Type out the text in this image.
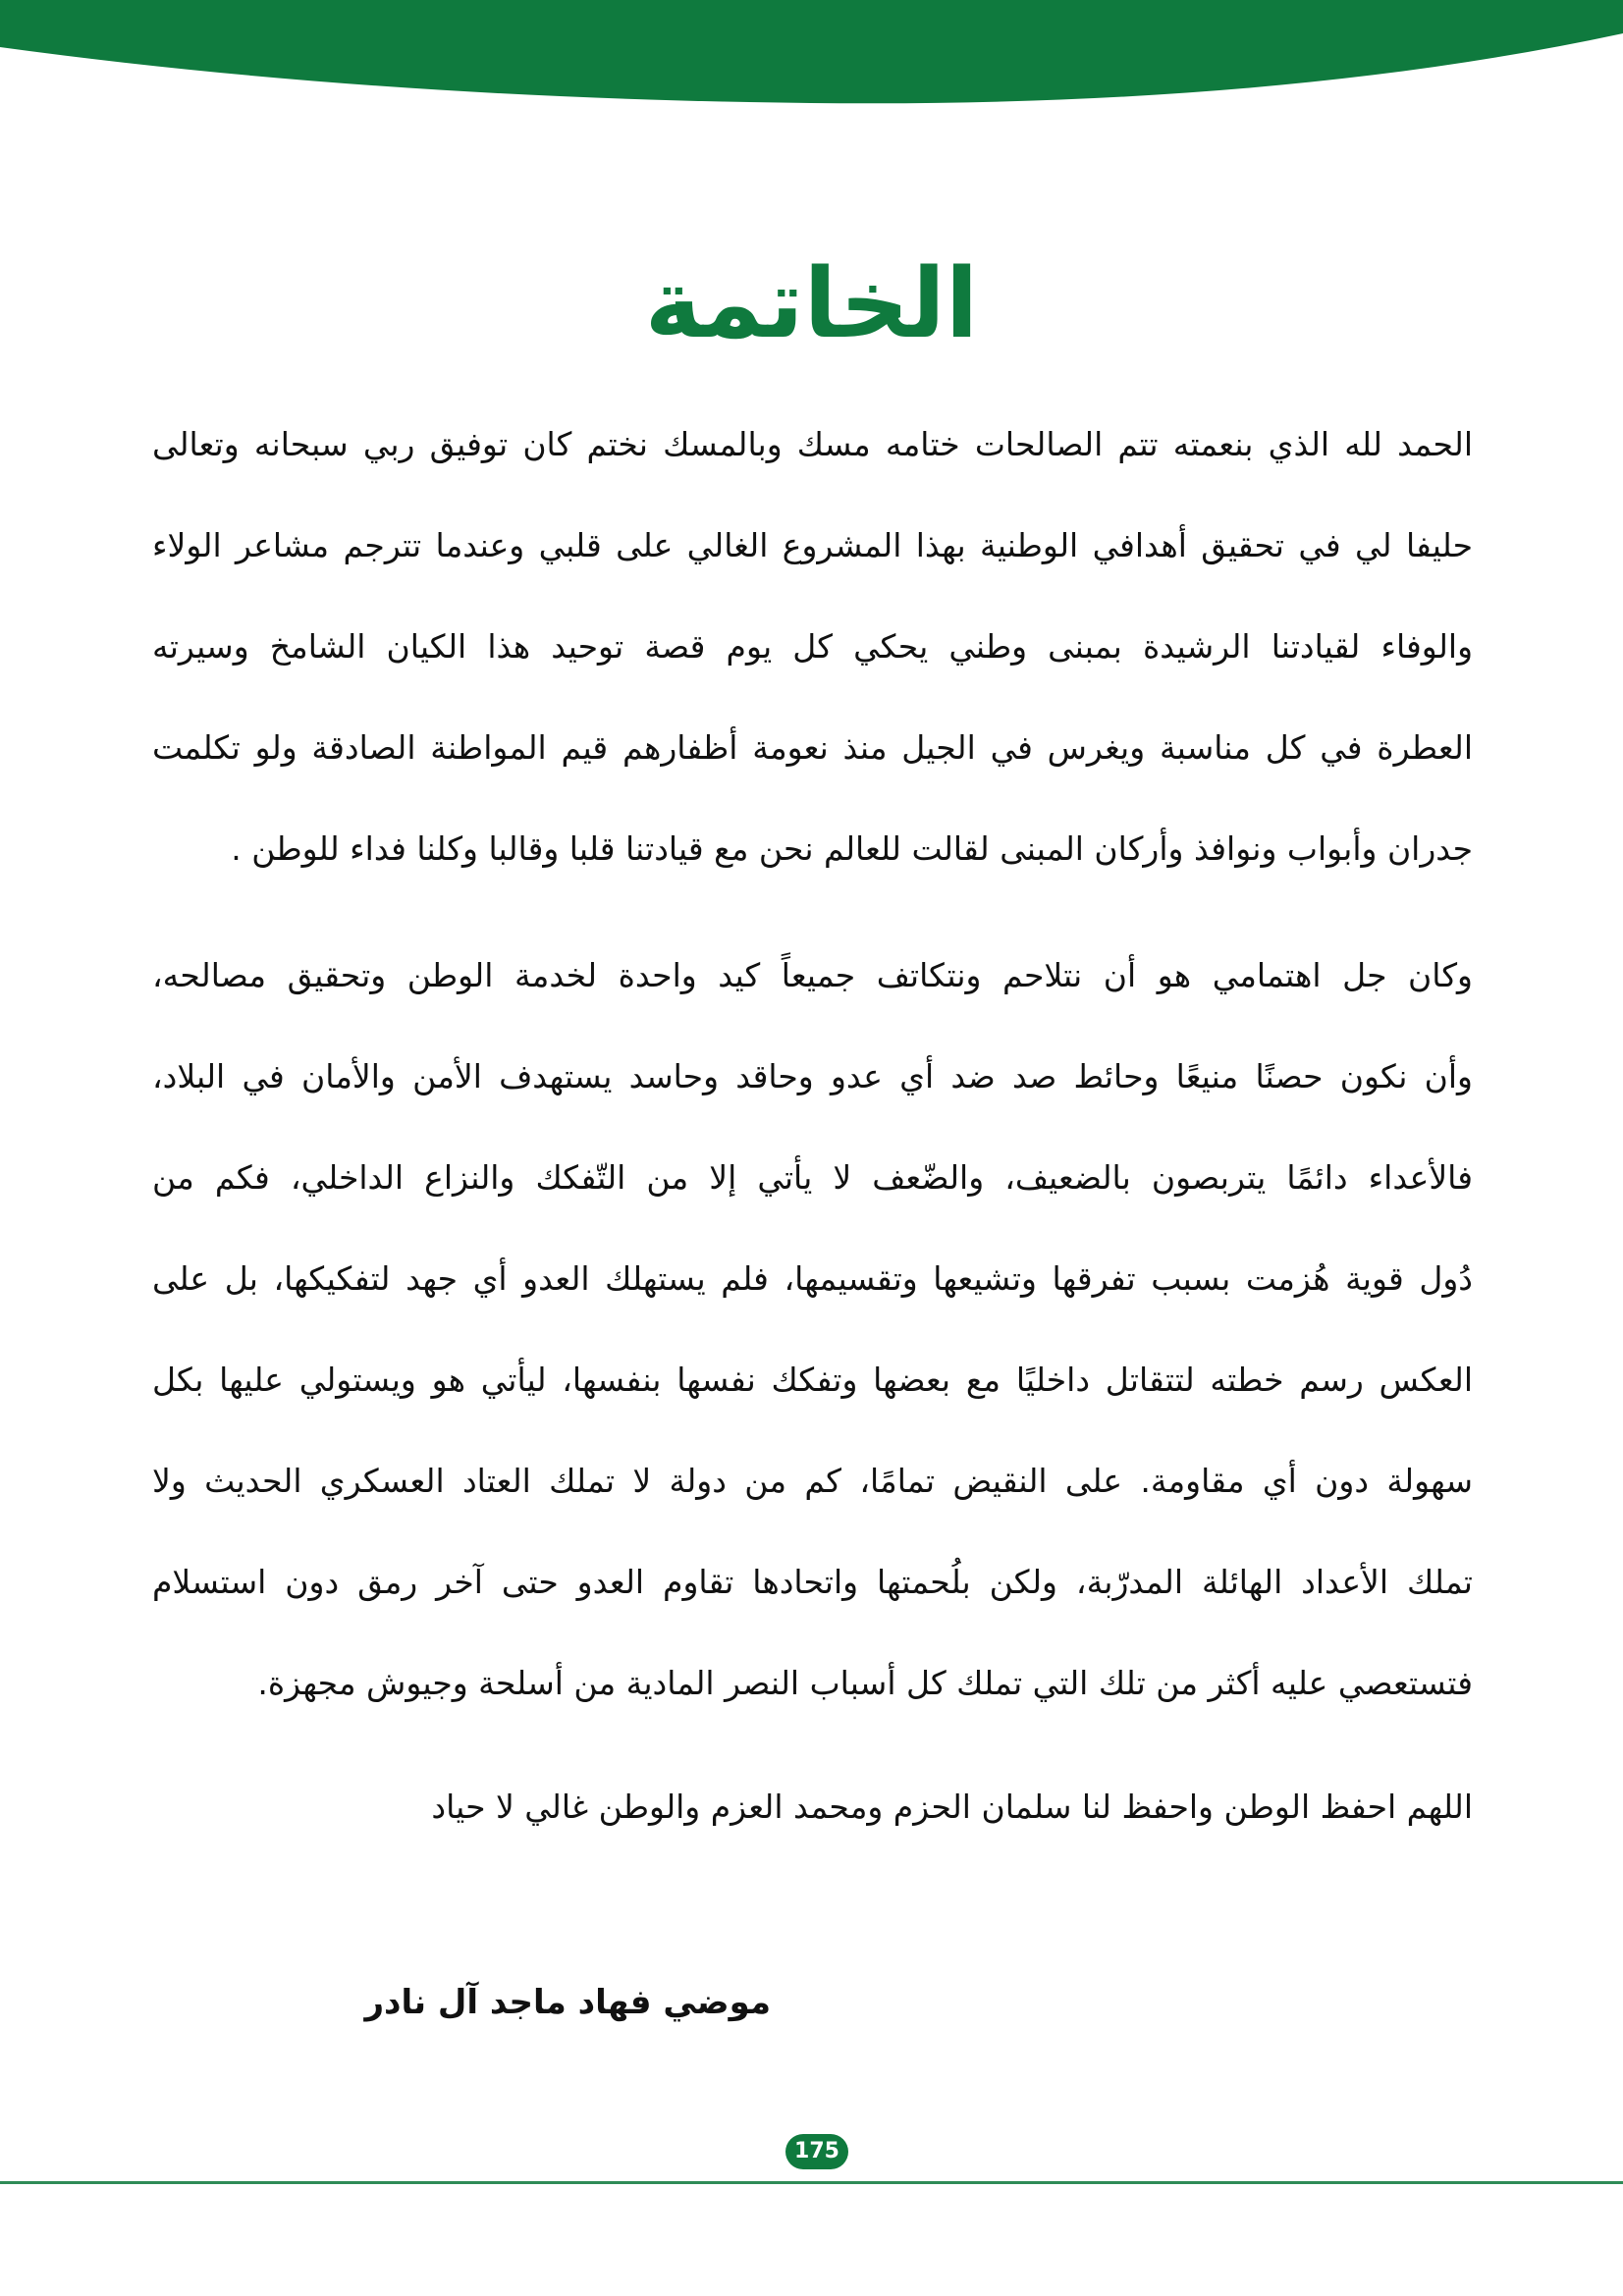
الخاتمة
الحمد لله الذي بنعمته تتم الصالحات ختامه مسك وبالمسك نختم كان توفيق ربي سبحانه وتعالى
حليفا لي في تحقيق أهدافي الوطنية بهذا المشروع الغالي على قلبي وعندما تترجم مشاعر الولاء
والوفاء لقيادتنا الرشيدة بمبنى وطني يحكي كل يوم قصة توحيد هذا الكيان الشامخ وسيرته
العطرة في كل مناسبة ويغرس في الجيل منذ نعومة أظفارهم قيم المواطنة الصادقة ولو تكلمت
جدران وأبواب ونوافذ وأركان المبنى لقالت للعالم نحن مع قيادتنا قلبا وقالبا وكلنا فداء للوطن .
وكان جل اهتمامي هو أن نتلاحم ونتكاتف جميعاً كيد واحدة لخدمة الوطن وتحقيق مصالحه،
وأن نكون حصنًا منيعًا وحائط صد ضد أي عدو وحاقد وحاسد يستهدف الأمن والأمان في البلاد،
فالأعداء دائمًا يتربصون بالضعيف، والضّعف لا يأتي إلا من التّفكك والنزاع الداخلي، فكم من
دُول قوية هُزمت بسبب تفرقها وتشيعها وتقسيمها، فلم يستهلك العدو أي جهد لتفكيكها، بل على
العكس رسم خطته لتتقاتل داخليًا مع بعضها وتفكك نفسها بنفسها، ليأتي هو ويستولي عليها بكل
سهولة دون أي مقاومة. على النقيض تمامًا، كم من دولة لا تملك العتاد العسكري الحديث ولا
تملك الأعداد الهائلة المدرّبة، ولكن بلُحمتها واتحادها تقاوم العدو حتى آخر رمق دون استسلام
فتستعصي عليه أكثر من تلك التي تملك كل أسباب النصر المادية من أسلحة وجيوش مجهزة.

اللهم احفظ الوطن واحفظ لنا سلمان الحزم ومحمد العزم والوطن غالي لا حياد

موضي فهاد ماجد آل نادر

175
